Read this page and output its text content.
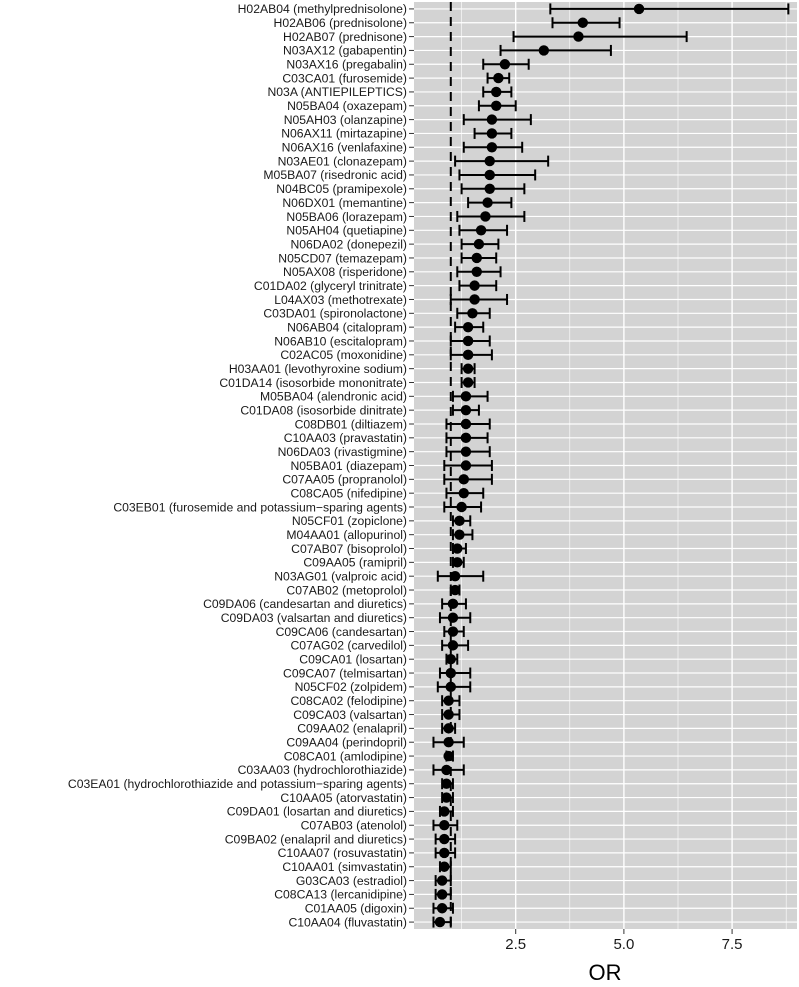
H02AB04 (methylprednisolone)
H02AB06 (prednisolone)
H02AB07 (prednisone)
N03AX12 (gabapentin)
N03AX16 (pregabalin)
C03CA01 (furosemide)
N03A (ANTIEPILEPTICS)
N05BA04 (oxazepam)
N05AH03 (olanzapine)
N06AX11 (mirtazapine)
N06AX16 (venlafaxine)
N03AE01 (clonazepam)
M05BA07 (risedronic acid)
N04BC05 (pramipexole)
N06DX01 (memantine)
N05BA06 (lorazepam)
N05AH04 (quetiapine)
N06DA02 (donepezil)
N05CD07 (temazepam)
N05AX08 (risperidone)
C01DA02 (glyceryl trinitrate)
L04AX03 (methotrexate)
C03DA01 (spironolactone)
N06AB04 (citalopram)
N06AB10 (escitalopram)
C02AC05 (moxonidine)
H03AA01 (levothyroxine sodium)
C01DA14 (isosorbide mononitrate)
M05BA04 (alendronic acid)
C01DA08 (isosorbide dinitrate)
C08DB01 (diltiazem)
C10AA03 (pravastatin)
N06DA03 (rivastigmine)
N05BA01 (diazepam)
C07AA05 (propranolol)
C08CA05 (nifedipine)
C03EB01 (furosemide and potassium−sparing agents)
N05CF01 (zopiclone)
M04AA01 (allopurinol)
C07AB07 (bisoprolol)
C09AA05 (ramipril)
N03AG01 (valproic acid)
C07AB02 (metoprolol)
C09DA06 (candesartan and diuretics)
C09DA03 (valsartan and diuretics)
C09CA06 (candesartan)
C07AG02 (carvedilol)
C09CA01 (losartan)
C09CA07 (telmisartan)
N05CF02 (zolpidem)
C08CA02 (felodipine)
C09CA03 (valsartan)
C09AA02 (enalapril)
C09AA04 (perindopril)
C08CA01 (amlodipine)
C03AA03 (hydrochlorothiazide)
C03EA01 (hydrochlorothiazide and potassium−sparing agents)
C10AA05 (atorvastatin)
C09DA01 (losartan and diuretics)
C07AB03 (atenolol)
C09BA02 (enalapril and diuretics)
C10AA07 (rosuvastatin)
C10AA01 (simvastatin)
G03CA03 (estradiol)
C08CA13 (lercanidipine)
C01AA05 (digoxin)
C10AA04 (fluvastatin)
2.5	5.0	7.5
OR
